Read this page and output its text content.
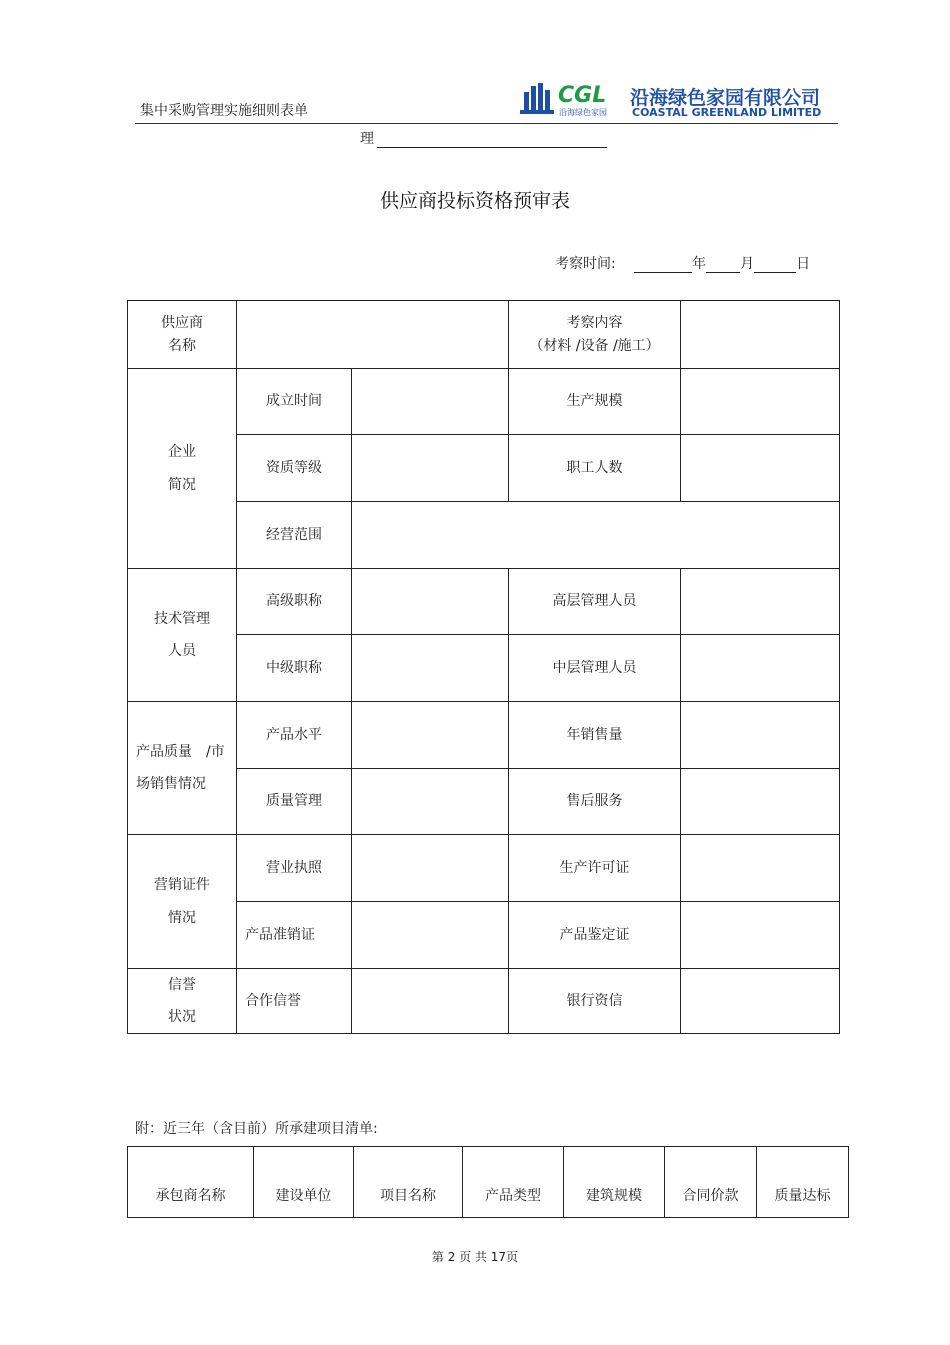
集中采购管理实施细则表单
CGL
沿海绿色家园
沿海绿色家园有限公司
COASTAL GREENLAND LIMITED
理
供应商投标资格预审表
考察时间:	年 月	日
供应商
名称			考察内容
（材料 /设备 /施工）	
企业
简况	成立时间		生产规模	
	资质等级		职工人数	
	经营范围			
技术管理
人员	高级职称		高层管理人员	
	中级职称		中层管理人员	
产品质量　/市
场销售情况	产品水平		年销售量	
	质量管理		售后服务	
营销证件
情况	营业执照		生产许可证	
	产品准销证		产品鉴定证	
信誉
状况	合作信誉		银行资信	
附：近三年（含目前）所承建项目清单:
承包商名称	建设单位	项目名称	产品类型	建筑规模	合同价款	质量达标
第 2 页 共 17页
